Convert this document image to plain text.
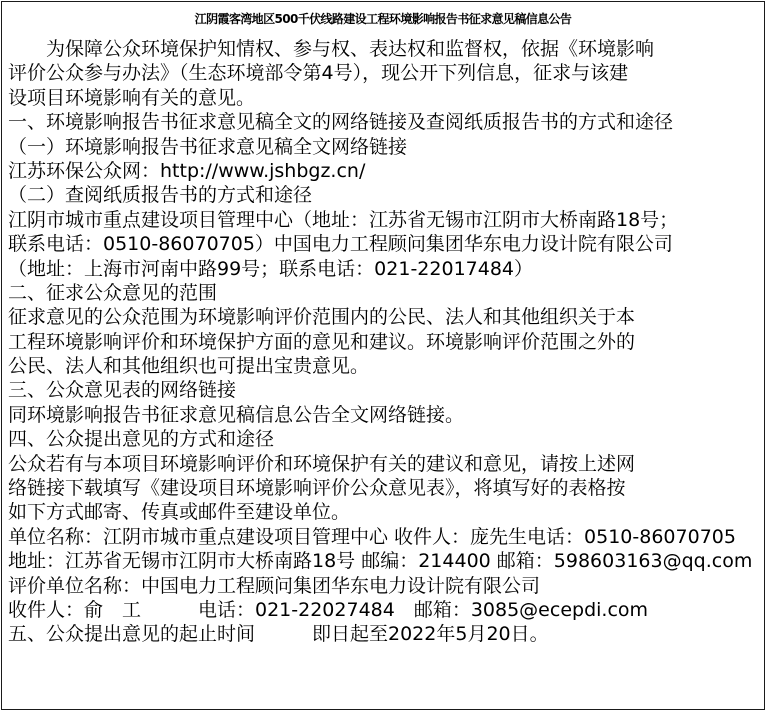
江阴霞客湾地区500千伏线路建设工程环境影响报告书征求意见稿信息公告
为保障公众环境保护知情权、参与权、表达权和监督权，依据《环境影响
评价公众参与办法》（生态环境部令第4号），现公开下列信息，征求与该建
设项目环境影响有关的意见。
一、环境影响报告书征求意见稿全文的网络链接及查阅纸质报告书的方式和途径
（一）环境影响报告书征求意见稿全文网络链接
江苏环保公众网：http://www.jshbgz.cn/
（二）查阅纸质报告书的方式和途径
江阴市城市重点建设项目管理中心（地址：江苏省无锡市江阴市大桥南路18号；
联系电话：0510-86070705）中国电力工程顾问集团华东电力设计院有限公司
（地址：上海市河南中路99号；联系电话：021-22017484）
二、征求公众意见的范围
征求意见的公众范围为环境影响评价范围内的公民、法人和其他组织关于本
工程环境影响评价和环境保护方面的意见和建议。环境影响评价范围之外的
公民、法人和其他组织也可提出宝贵意见。
三、公众意见表的网络链接
同环境影响报告书征求意见稿信息公告全文网络链接。
四、公众提出意见的方式和途径
公众若有与本项目环境影响评价和环境保护有关的建议和意见，请按上述网
络链接下载填写《建设项目环境影响评价公众意见表》，将填写好的表格按
如下方式邮寄、传真或邮件至建设单位。
单位名称：江阴市城市重点建设项目管理中心 收件人：庞先生电话：0510-86070705
地址：江苏省无锡市江阴市大桥南路18号 邮编：214400 邮箱：598603163@qq.com
评价单位名称：中国电力工程顾问集团华东电力设计院有限公司
收件人：俞　工　　　电话：021-22027484　邮箱：3085@ecepdi.com
五、公众提出意见的起止时间　　　即日起至2022年5月20日。
